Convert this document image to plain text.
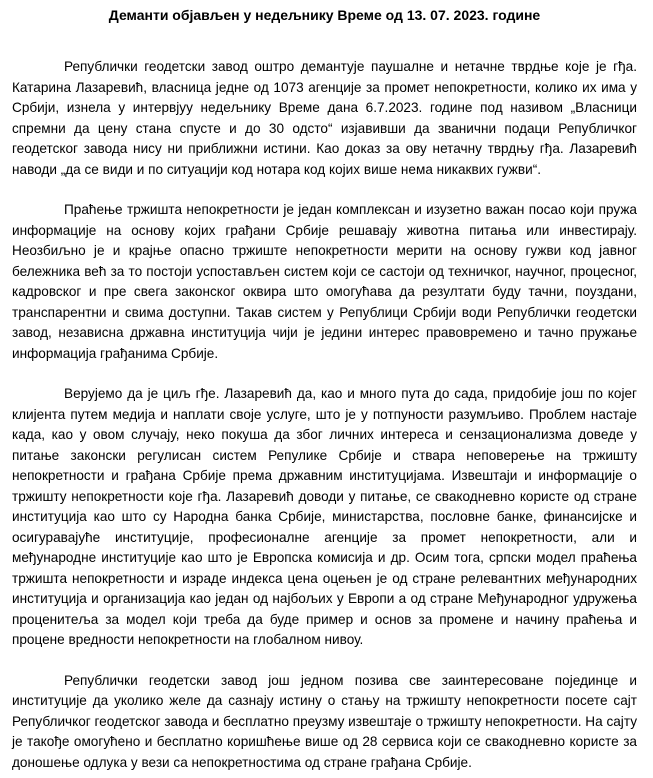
Деманти објављен у недељнику Време од 13. 07. 2023. године

Републички геодетски завод оштро демантује паушалне и нетачне тврдње које је гђа. Катарина Лазаревић, власница једне од 1073 агенције за промет непокретности, колико их има у Србији, изнела у интервјуу недељнику Време дана 6.7.2023. године под називом „Власници спремни да цену стана спусте и до 30 одсто“ изјавивши да званични подаци Републичког геодетског завода нису ни приближни истини. Као доказ за ову нетачну тврдњу гђа. Лазаревић наводи „да се види и по ситуацији код нотара код којих више нема никаквих гужви“.

Праћење тржишта непокретности је један комплексан и изузетно важан посао који пружа информације на основу којих грађани Србије решавају животна питања или инвестирају. Неозбиљно је и крајње опасно тржиште непокретности мерити на основу гужви код јавног бележника већ за то постоји успостављен систем који се састоји од техничког, научног, процесног, кадровског и пре свега законског оквира што омогућава да резултати буду тачни, поуздани, транспарентни и свима доступни. Такав систем у Републици Србији води Републички геодетски завод, независна државна институција чији је једини интерес правовремено и тачно пружање информација грађанима Србије.

Верујемо да је циљ гђе. Лазаревић да, као и много пута до сада, придобије још по којег клијента путем медија и наплати своје услуге, што је у потпуности разумљиво. Проблем настаје када, као у овом случају, неко покуша да због личних интереса и сензационализма доведе у питање законски регулисан систем Репулике Србије и ствара неповерење на тржишту непокретности и грађана Србије према државним институцијама. Извештаји и информације о тржишту непокретности које гђа. Лазаревић доводи у питање, се свакодневно користе од стране институција као што су Народна банка Србије, министарства, пословне банке, финансијске и осигуравајуће институције, професионалне агенције за промет непокретности, али и међународне институције као што је Европска комисија и др. Осим тога, српски модел праћења тржишта непокретности и израде индекса цена оцењен је од стране релевантних међународних институција и организација као један од најбољих у Европи а од стране Међународног удружења проценитеља за модел који треба да буде пример и основ за промене и начину праћења и процене вредности непокретности на глобалном нивоу.

Републички геодетски завод још једном позива све заинтересоване појединце и институције да уколико желе да сазнају истину о стању на тржишту непокретности посете сајт Републичког геодетског завода и бесплатно преузму извештаје о тржишту непокретности. На сајту је такође омогућено и бесплатно коришћење више од 28 сервиса који се свакодневно користе за доношење одлука у вези са непокретностима од стране грађана Србије.
